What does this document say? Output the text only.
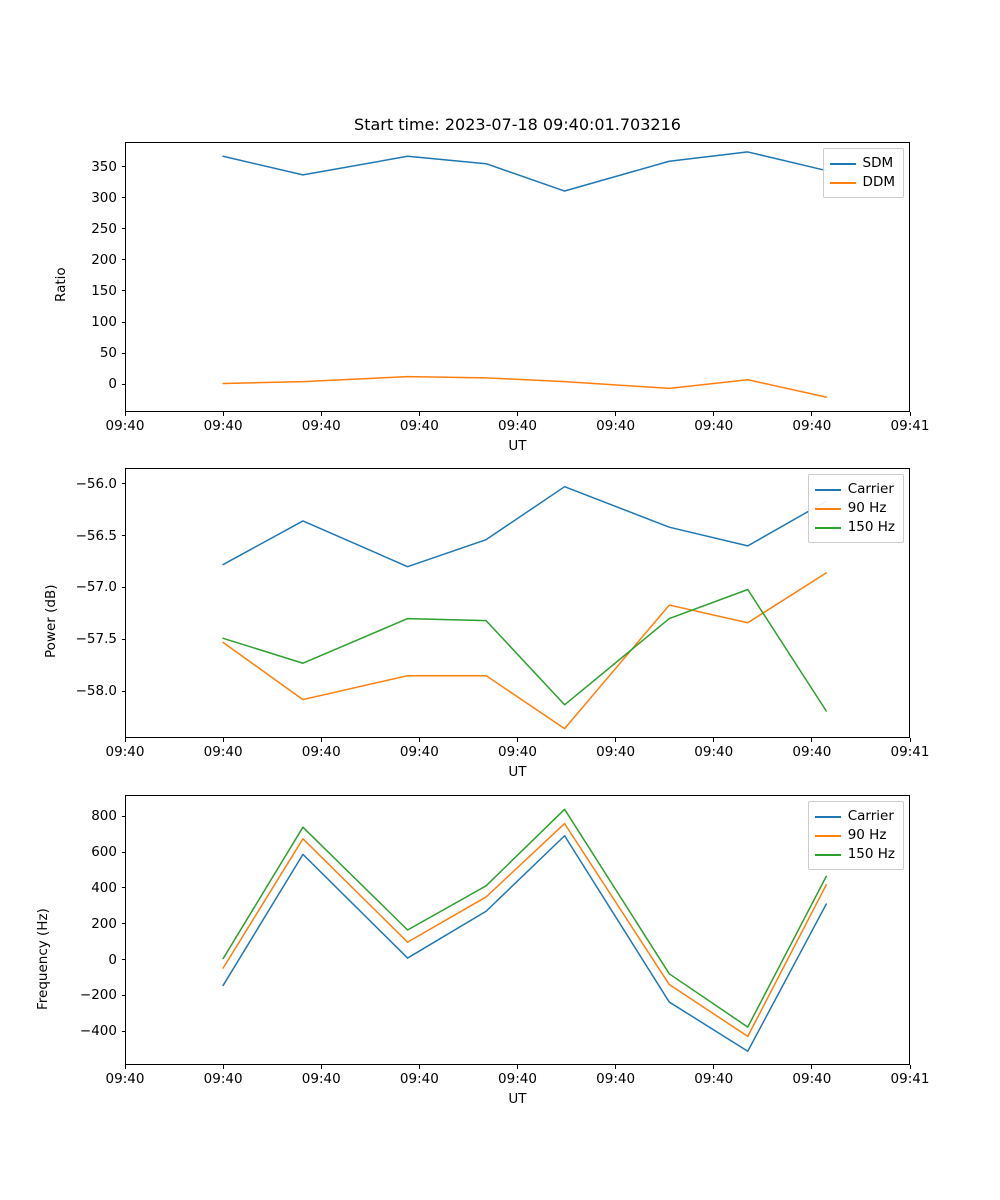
Start time: 2023-07-18 09:40:01.703216
UT
Ratio
SDM
DDM
09:40	09:40	09:40	09:40	09:40	09:40	09:40	09:40	09:41
0
50
100
150
200
250
300
350
UT
Power (dB)
Carrier
90 Hz
150 Hz
09:40	09:40	09:40	09:40	09:40	09:40	09:40	09:40	09:41
−58.0
−57.5
−57.0
−56.5
−56.0
UT
Frequency (Hz)
Carrier
90 Hz
150 Hz
09:40	09:40	09:40	09:40	09:40	09:40	09:40	09:40	09:41
−400
−200
0
200
400
600
800
